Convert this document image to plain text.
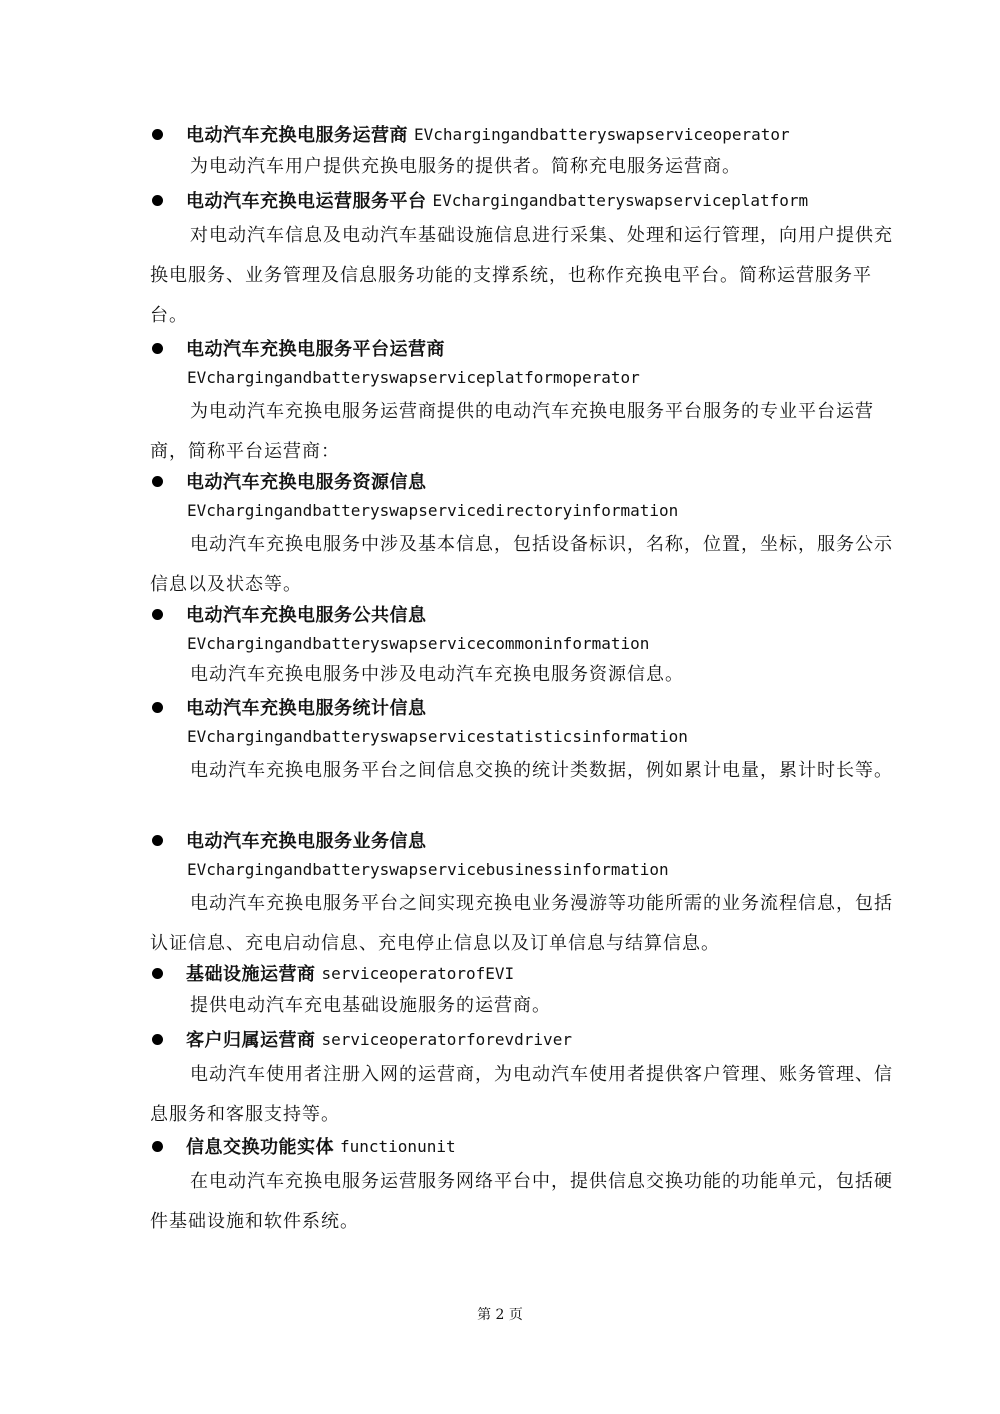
电动汽车充换电服务运营商 EVchargingandbatteryswapserviceoperator

为电动汽车用户提供充换电服务的提供者。简称充电服务运营商。

电动汽车充换电运营服务平台 EVchargingandbatteryswapserviceplatform

对电动汽车信息及电动汽车基础设施信息进行采集、处理和运行管理，向用户提供充换电服务、业务管理及信息服务功能的支撑系统，也称作充换电平台。简称运营服务平台。

电动汽车充换电服务平台运营商
EVchargingandbatteryswapserviceplatformoperator

为电动汽车充换电服务运营商提供的电动汽车充换电服务平台服务的专业平台运营商，简称平台运营商：

电动汽车充换电服务资源信息
EVchargingandbatteryswapservicedirectoryinformation

电动汽车充换电服务中涉及基本信息，包括设备标识，名称，位置，坐标，服务公示信息以及状态等。

电动汽车充换电服务公共信息
EVchargingandbatteryswapservicecommoninformation

电动汽车充换电服务中涉及电动汽车充换电服务资源信息。

电动汽车充换电服务统计信息
EVchargingandbatteryswapservicestatisticsinformation

电动汽车充换电服务平台之间信息交换的统计类数据，例如累计电量，累计时长等。

电动汽车充换电服务业务信息
EVchargingandbatteryswapservicebusinessinformation

电动汽车充换电服务平台之间实现充换电业务漫游等功能所需的业务流程信息，包括认证信息、充电启动信息、充电停止信息以及订单信息与结算信息。

基础设施运营商 serviceoperatorofEVI

提供电动汽车充电基础设施服务的运营商。

客户归属运营商 serviceoperatorforevdriver

电动汽车使用者注册入网的运营商，为电动汽车使用者提供客户管理、账务管理、信息服务和客服支持等。

信息交换功能实体 functionunit

在电动汽车充换电服务运营服务网络平台中，提供信息交换功能的功能单元，包括硬件基础设施和软件系统。

第 2 页
